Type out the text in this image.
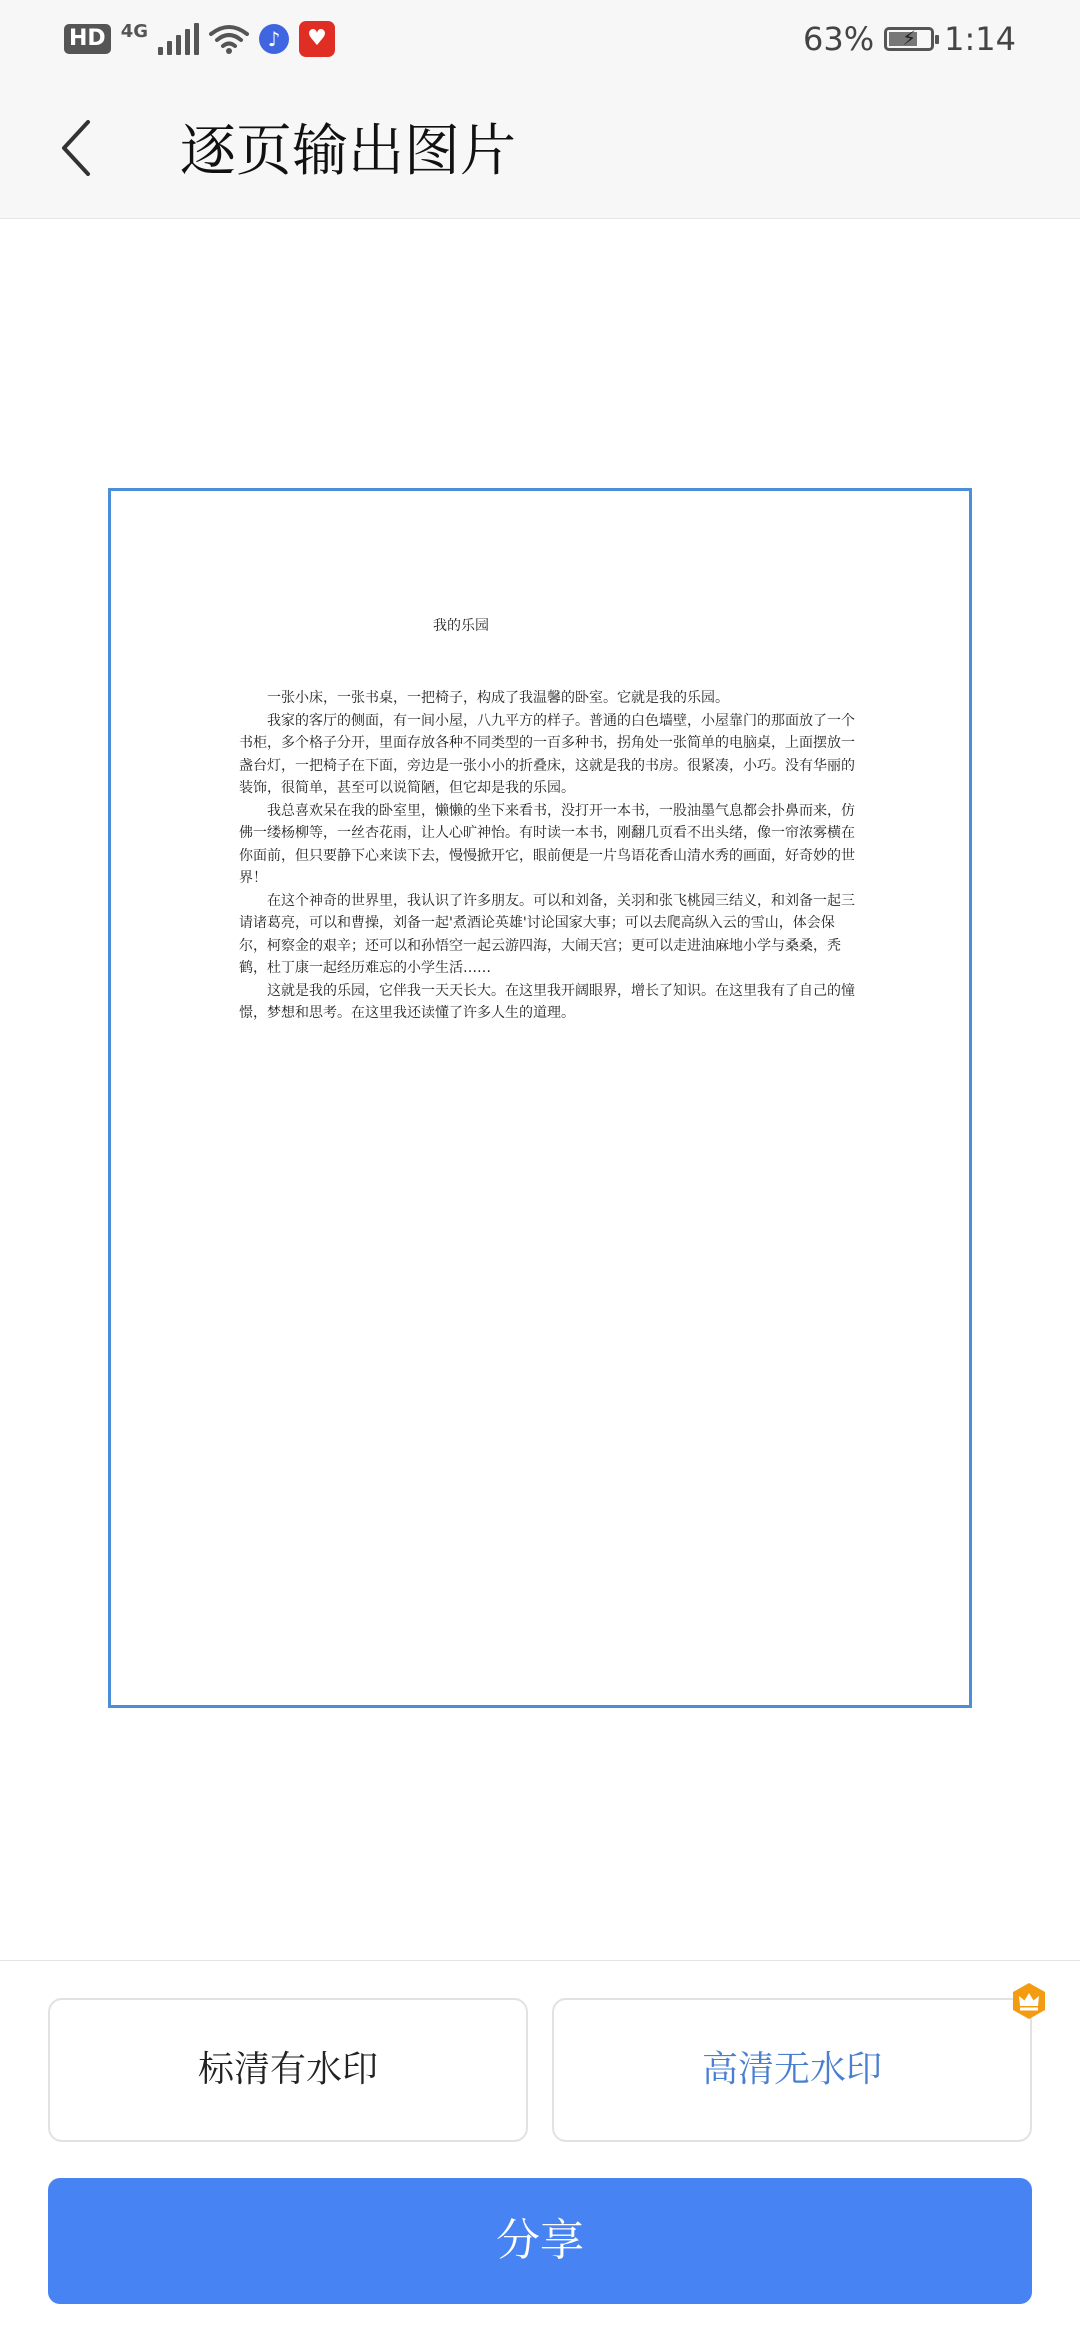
HD 4G	♪	♥	63%	⚡ 1:14
逐页输出图片
我的乐园

一张小床，一张书桌，一把椅子，构成了我温馨的卧室。它就是我的乐园。

我家的客厅的侧面，有一间小屋，八九平方的样子。普通的白色墙壁，小屋靠门的那面放了一个书柜，多个格子分开，里面存放各种不同类型的一百多种书，拐角处一张简单的电脑桌，上面摆放一盏台灯，一把椅子在下面，旁边是一张小小的折叠床，这就是我的书房。很紧凑，小巧。没有华丽的装饰，很简单，甚至可以说简陋，但它却是我的乐园。

我总喜欢呆在我的卧室里，懒懒的坐下来看书，没打开一本书，一股油墨气息都会扑鼻而来，仿佛一缕杨柳等，一丝杏花雨，让人心旷神怡。有时读一本书，刚翻几页看不出头绪，像一帘浓雾横在你面前，但只要静下心来读下去，慢慢掀开它，眼前便是一片鸟语花香山清水秀的画面，好奇妙的世界！

在这个神奇的世界里，我认识了许多朋友。可以和刘备，关羽和张飞桃园三结义，和刘备一起三请诸葛亮，可以和曹操，刘备一起'煮酒论英雄'讨论国家大事；可以去爬高纵入云的雪山，体会保尔，柯察金的艰辛；还可以和孙悟空一起云游四海，大闹天宫；更可以走进油麻地小学与桑桑，秃鹤，杜丁康一起经历难忘的小学生活……

这就是我的乐园，它伴我一天天长大。在这里我开阔眼界，增长了知识。在这里我有了自己的憧憬，梦想和思考。在这里我还读懂了许多人生的道理。

标清有水印	高清无水印
分享
